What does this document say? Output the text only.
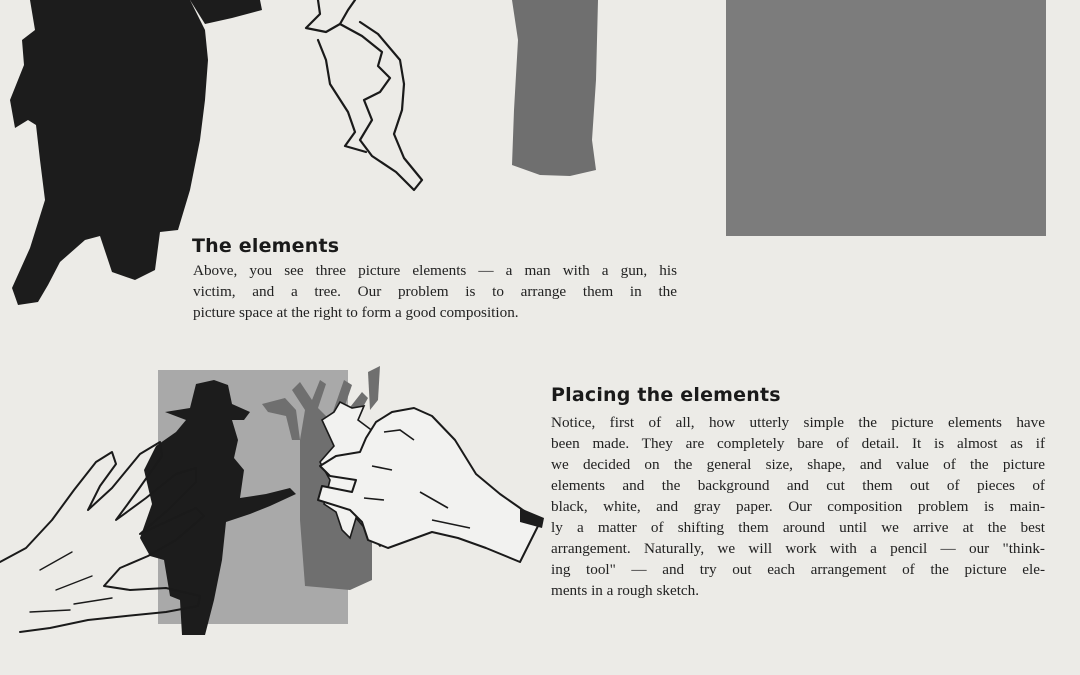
The elements
Above, you see three picture elements — a man with a gun, his
victim, and a tree. Our problem is to arrange them in the
picture space at the right to form a good composition.
Placing the elements
Notice, first of all, how utterly simple the picture elements have
been made. They are completely bare of detail. It is almost as if
we decided on the general size, shape, and value of the picture
elements and the background and cut them out of pieces of
black, white, and gray paper. Our composition problem is main-
ly a matter of shifting them around until we arrive at the best
arrangement. Naturally, we will work with a pencil — our "think-
ing tool" — and try out each arrangement of the picture ele-
ments in a rough sketch.
